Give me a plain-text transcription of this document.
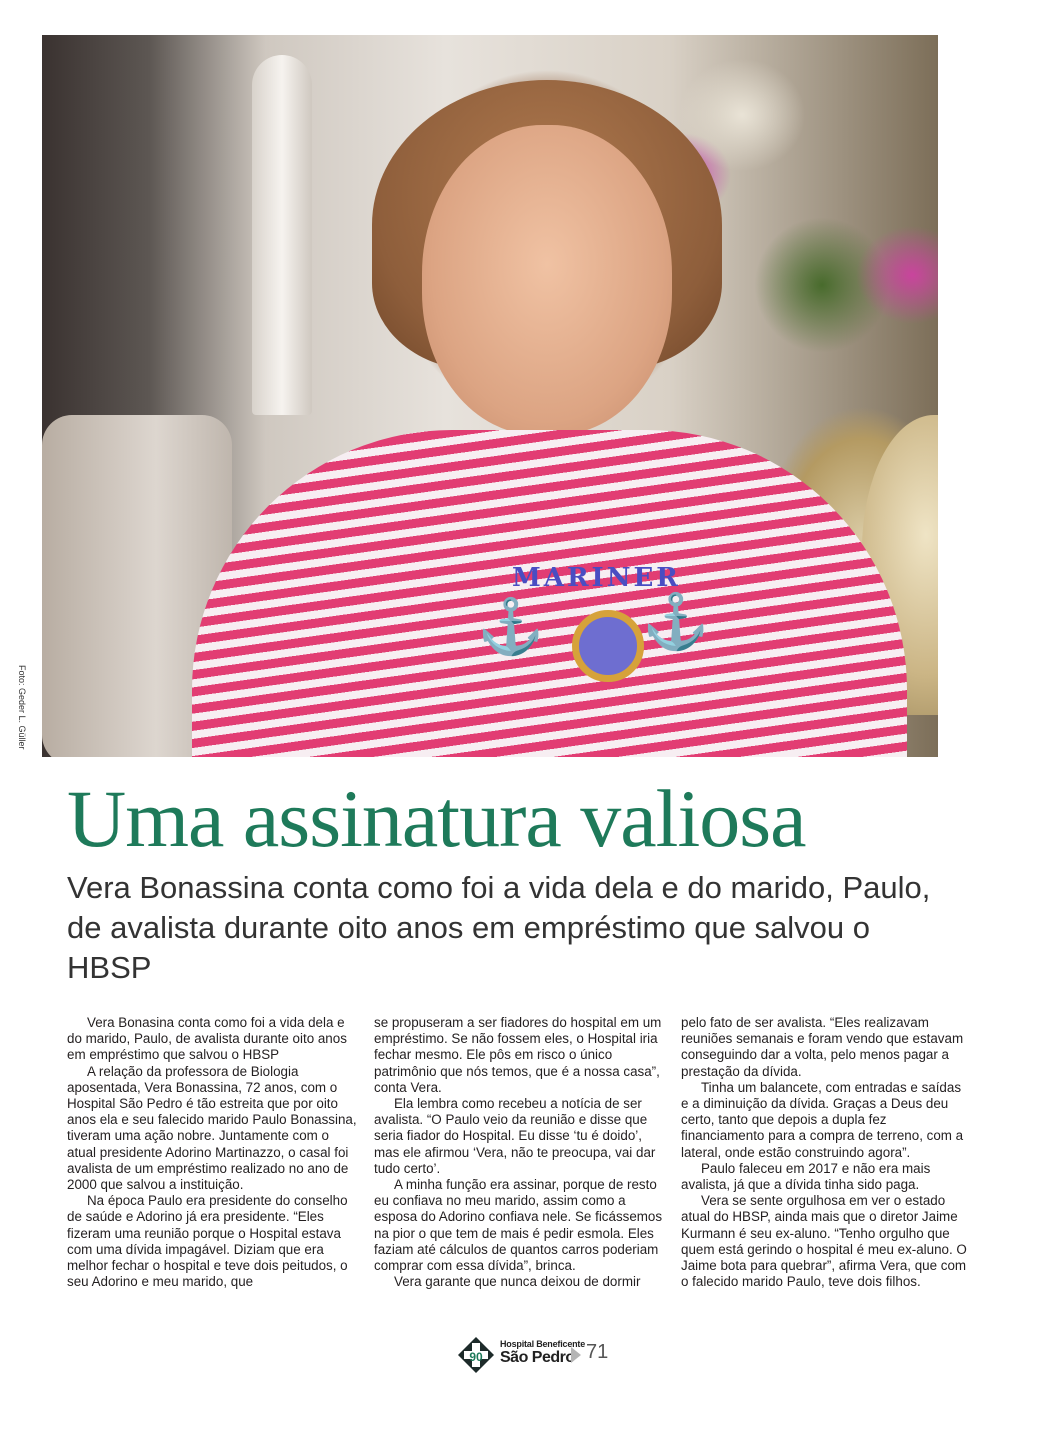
MARINER
⚓ ⚓
Foto: Geder L. Güller
Uma assinatura valiosa
Vera Bonassina conta como foi a vida dela e do marido, Paulo, de avalista durante oito anos em empréstimo que salvou o HBSP

Vera Bonasina conta como foi a vida dela e do marido, Paulo, de avalista durante oito anos em empréstimo que salvou o HBSP

A relação da professora de Biologia aposentada, Vera Bonassina, 72 anos, com o Hospital São Pedro é tão estreita que por oito anos ela e seu falecido marido Paulo Bonassina, tiveram uma ação nobre. Juntamente com o atual presidente Adorino Martinazzo, o casal foi avalista de um empréstimo realizado no ano de 2000 que salvou a instituição.

Na época Paulo era presidente do conselho de saúde e Adorino já era presidente. “Eles fizeram uma reunião porque o Hospital estava com uma dívida impagável. Diziam que era melhor fechar o hospital e teve dois peitudos, o seu Adorino e meu marido, que

se propuseram a ser fiadores do hospital em um empréstimo. Se não fossem eles, o Hospital iria fechar mesmo. Ele pôs em risco o único patrimônio que nós temos, que é a nossa casa”, conta Vera.

Ela lembra como recebeu a notícia de ser avalista. “O Paulo veio da reunião e disse que seria fiador do Hospital. Eu disse ‘tu é doido’, mas ele afirmou ‘Vera, não te preocupa, vai dar tudo certo’.

A minha função era assinar, porque de resto eu confiava no meu marido, assim como a esposa do Adorino confiava nele. Se ficássemos na pior o que tem de mais é pedir esmola. Eles faziam até cálculos de quantos carros poderiam comprar com essa dívida”, brinca.

Vera garante que nunca deixou de dormir

pelo fato de ser avalista. “Eles realizavam reuniões semanais e foram vendo que estavam conseguindo dar a volta, pelo menos pagar a prestação da dívida.

Tinha um balancete, com entradas e saídas e a diminuição da dívida. Graças a Deus deu certo, tanto que depois a dupla fez financiamento para a compra de terreno, com a lateral, onde estão construindo agora”.

Paulo faleceu em 2017 e não era mais avalista, já que a dívida tinha sido paga.

Vera se sente orgulhosa em ver o estado atual do HBSP, ainda mais que o diretor Jaime Kurmann é seu ex-aluno. “Tenho orgulho que quem está gerindo o hospital é meu ex-aluno. O Jaime bota para quebrar”, afirma Vera, que com o falecido marido Paulo, teve dois filhos.

90
Hospital Beneficente
São Pedro 71
